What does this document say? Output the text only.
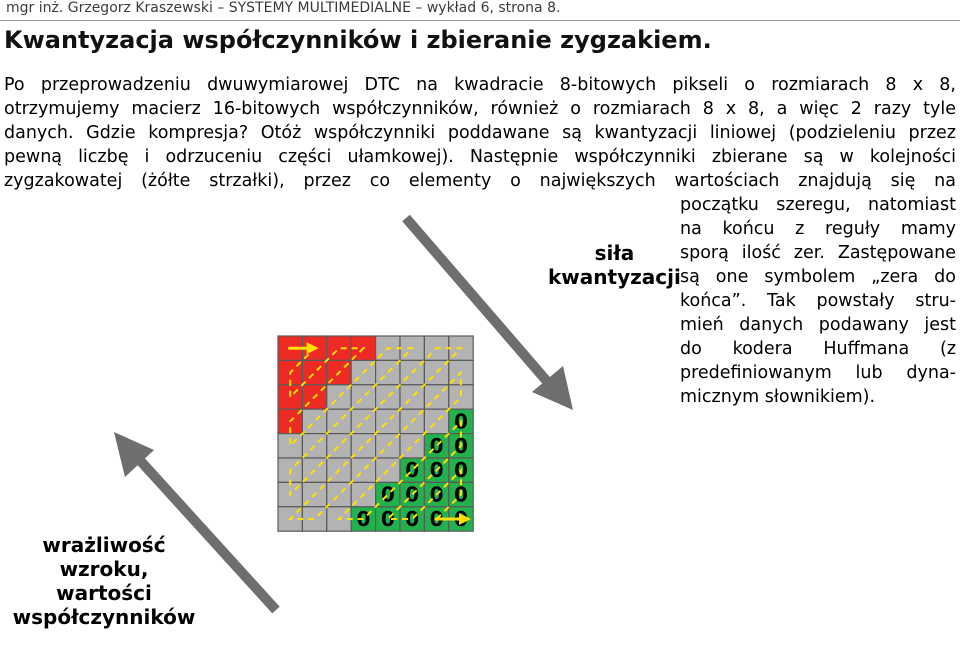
mgr inż. Grzegorz Kraszewski – SYSTEMY MULTIMEDIALNE – wykład 6, strona 8.
Kwantyzacja współczynników i zbieranie zygzakiem.
Po przeprowadzeniu dwuwymiarowej DTC na kwadracie 8-bitowych pikseli o rozmiarach 8 x 8,
otrzymujemy macierz 16-bitowych współczynników, również o rozmiarach 8 x 8, a więc 2 razy tyle
danych. Gdzie kompresja? Otóż współczynniki poddawane są kwantyzacji liniowej (podzieleniu przez
pewną liczbę i odrzuceniu części ułamkowej). Następnie współczynniki zbierane są w kolejności
zygzakowatej (żółte strzałki), przez co elementy o największych wartościach znajdują się na
początku szeregu, natomiast
na końcu z reguły mamy
sporą ilość zer. Zastępowane
są one symbolem „zera do
końca”. Tak powstały stru-
mień danych podawany jest
do kodera Huffmana (z
predefiniowanym lub dyna-
micznym słownikiem).
0
0 0
0 0 0
0 0 0 0
0 0 0 0 0
siła
kwantyzacji
wrażliwość
wzroku,
wartości
współczynników
